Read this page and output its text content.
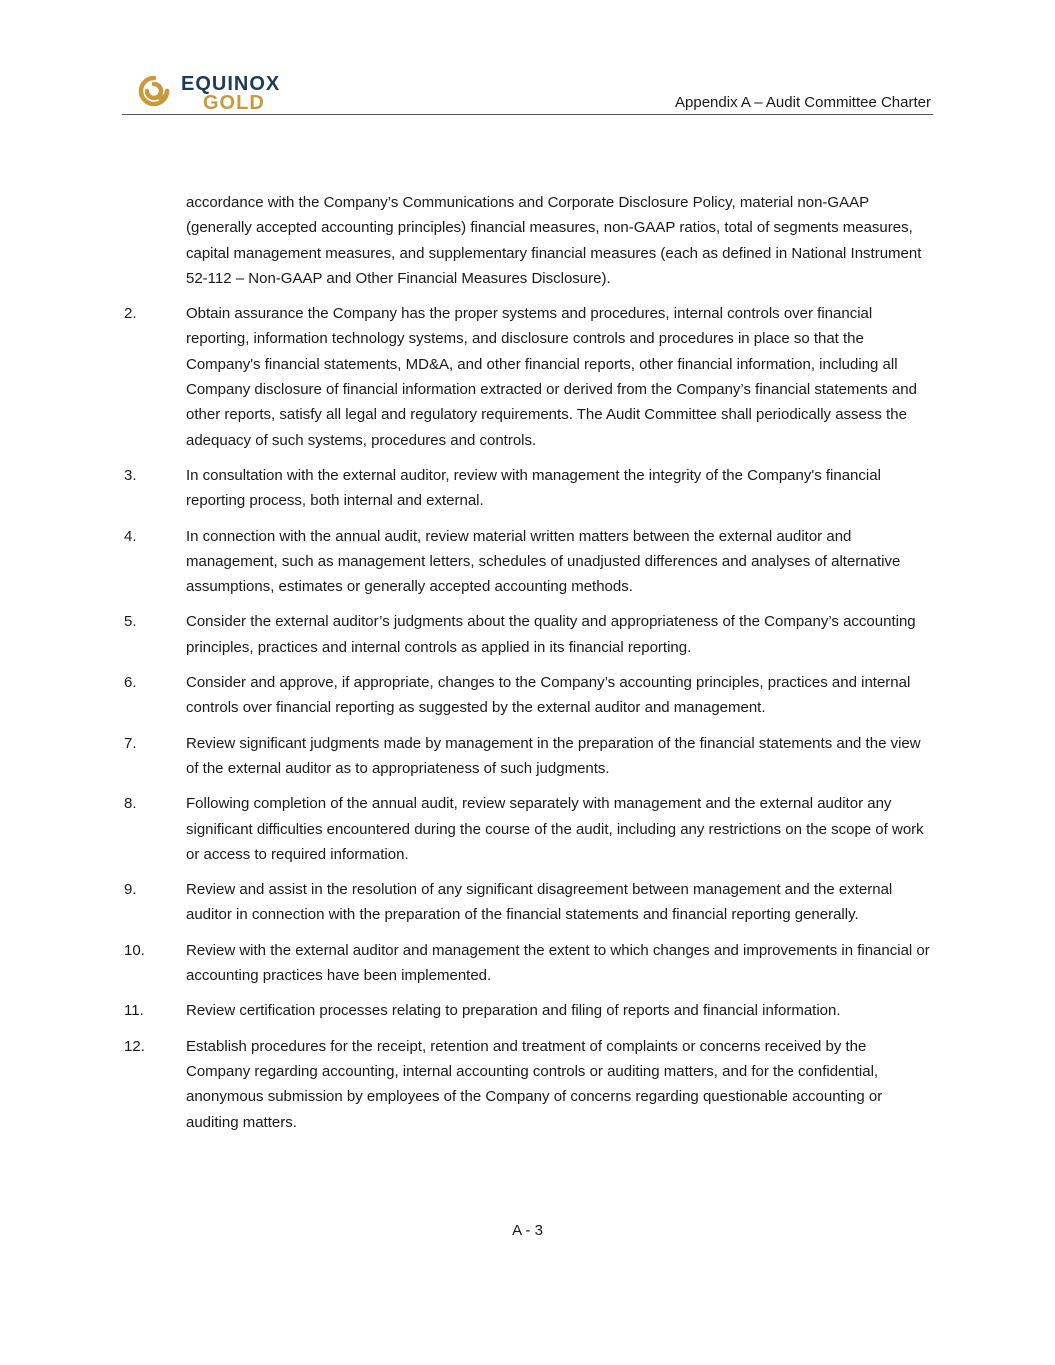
EQUINOX
GOLD	Appendix A – Audit Committee Charter

accordance with the Company’s Communications and Corporate Disclosure Policy, material non-GAAP (generally accepted accounting principles) financial measures, non-GAAP ratios, total of segments measures, capital management measures, and supplementary financial measures (each as defined in National Instrument 52-112 – Non-GAAP and Other Financial Measures Disclosure).

2.	Obtain assurance the Company has the proper systems and procedures, internal controls over financial reporting, information technology systems, and disclosure controls and procedures in place so that the Company's financial statements, MD&A, and other financial reports, other financial information, including all Company disclosure of financial information extracted or derived from the Company’s financial statements and other reports, satisfy all legal and regulatory requirements. The Audit Committee shall periodically assess the adequacy of such systems, procedures and controls.
3.	In consultation with the external auditor, review with management the integrity of the Company's financial reporting process, both internal and external.
4.	In connection with the annual audit, review material written matters between the external auditor and management, such as management letters, schedules of unadjusted differences and analyses of alternative assumptions, estimates or generally accepted accounting methods.
5.	Consider the external auditor’s judgments about the quality and appropriateness of the Company’s accounting principles, practices and internal controls as applied in its financial reporting.
6.	Consider and approve, if appropriate, changes to the Company’s accounting principles, practices and internal controls over financial reporting as suggested by the external auditor and management.
7.	Review significant judgments made by management in the preparation of the financial statements and the view of the external auditor as to appropriateness of such judgments.
8.	Following completion of the annual audit, review separately with management and the external auditor any significant difficulties encountered during the course of the audit, including any restrictions on the scope of work or access to required information.
9.	Review and assist in the resolution of any significant disagreement between management and the external auditor in connection with the preparation of the financial statements and financial reporting generally.
10.	Review with the external auditor and management the extent to which changes and improvements in financial or accounting practices have been implemented.
11.	Review certification processes relating to preparation and filing of reports and financial information.
12.	Establish procedures for the receipt, retention and treatment of complaints or concerns received by the Company regarding accounting, internal accounting controls or auditing matters, and for the confidential, anonymous submission by employees of the Company of concerns regarding questionable accounting or auditing matters.
A - 3
